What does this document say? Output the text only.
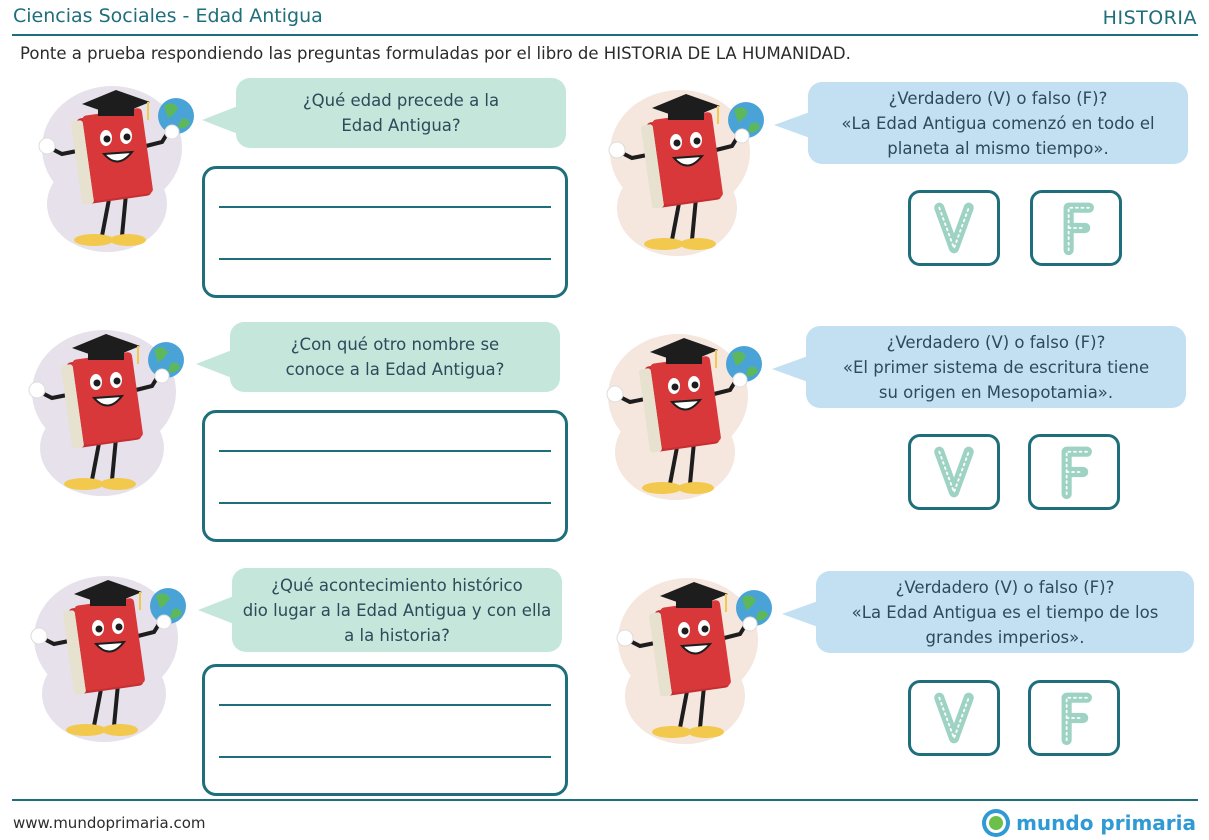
Ciencias Sociales - Edad Antigua	HISTORIA
Ponte a prueba respondiendo las preguntas formuladas por el libro de HISTORIA DE LA HUMANIDAD.
¿Qué edad precede a la
Edad Antigua?
¿Con qué otro nombre se
conoce a la Edad Antigua?
¿Qué acontecimiento histórico
dio lugar a la Edad Antigua y con ella
a la historia?
¿Verdadero (V) o falso (F)?
«La Edad Antigua comenzó en todo el
planeta al mismo tiempo».
¿Verdadero (V) o falso (F)?
«El primer sistema de escritura tiene
su origen en Mesopotamia».
¿Verdadero (V) o falso (F)?
«La Edad Antigua es el tiempo de los
grandes imperios».
V	F
www.mundoprimaria.com	mundo primaria
